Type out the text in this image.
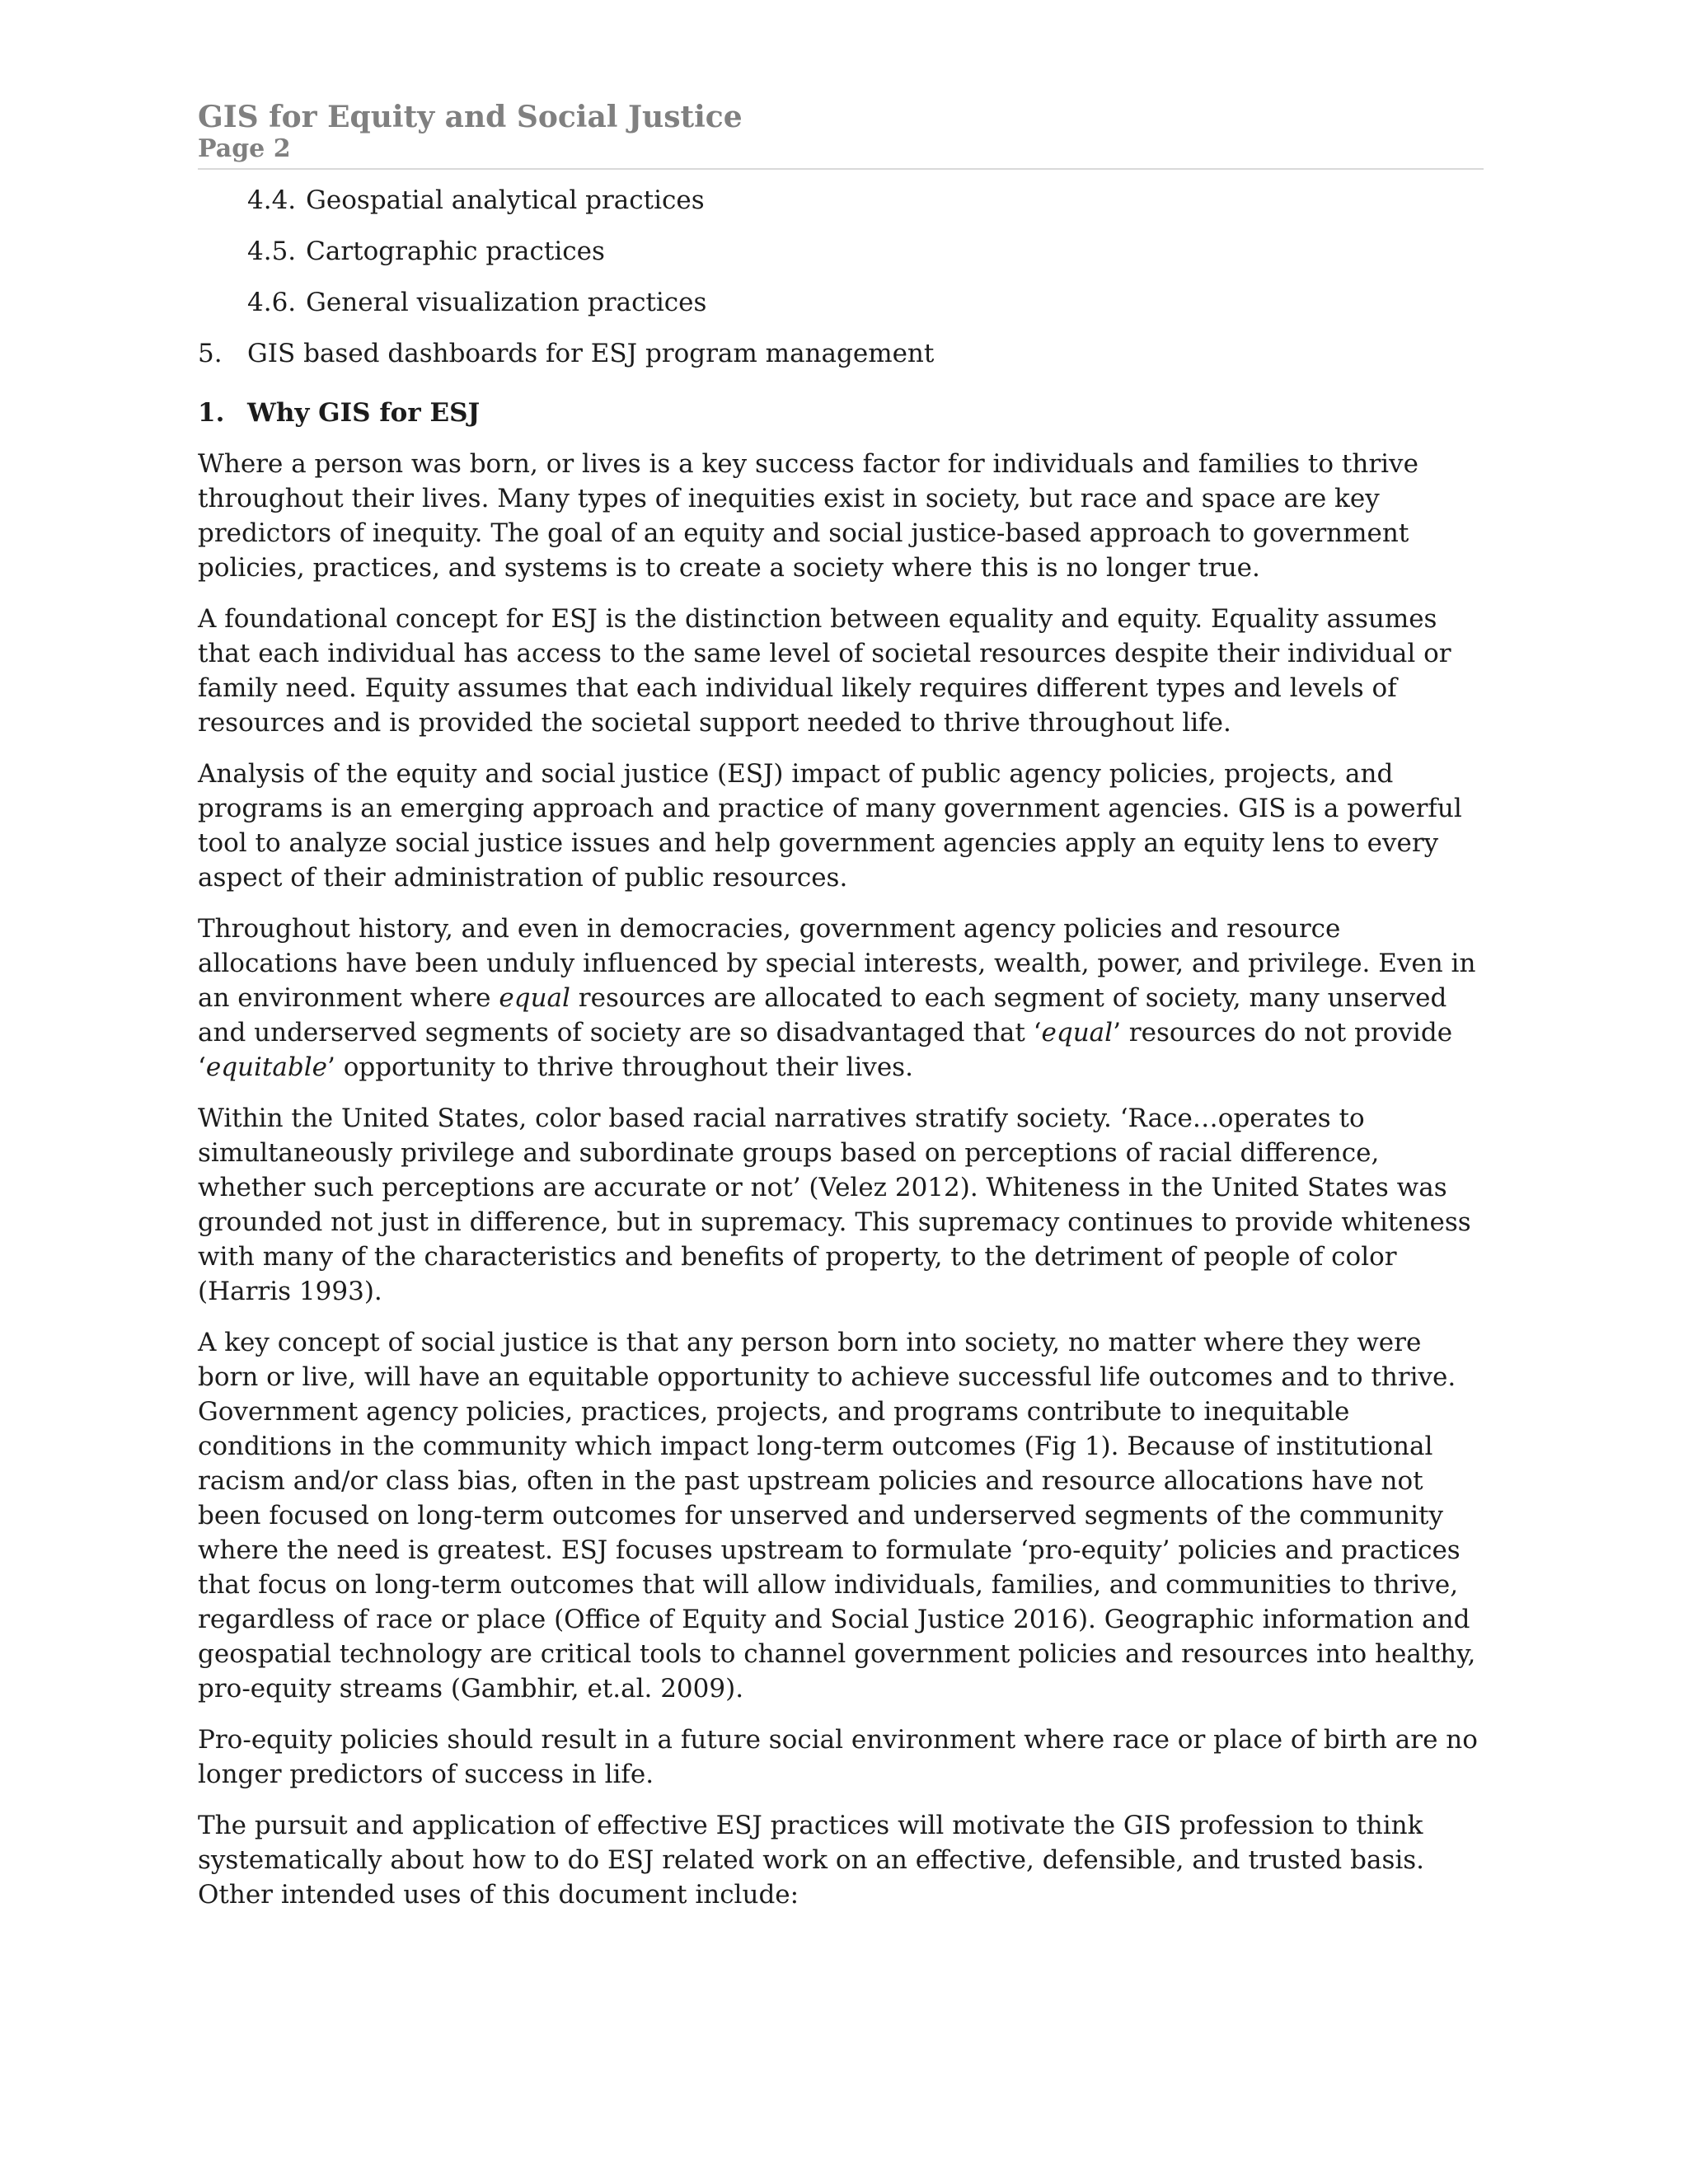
GIS for Equity and Social Justice
Page 2
4.4. Geospatial analytical practices
4.5. Cartographic practices
4.6. General visualization practices
5. GIS based dashboards for ESJ program management
1. Why GIS for ESJ

Where a person was born, or lives is a key success factor for individuals and families to thrive throughout their lives. Many types of inequities exist in society, but race and space are key predictors of inequity. The goal of an equity and social justice-based approach to government policies, practices, and systems is to create a society where this is no longer true.

A foundational concept for ESJ is the distinction between equality and equity. Equality assumes that each individual has access to the same level of societal resources despite their individual or family need. Equity assumes that each individual likely requires different types and levels of resources and is provided the societal support needed to thrive throughout life.

Analysis of the equity and social justice (ESJ) impact of public agency policies, projects, and programs is an emerging approach and practice of many government agencies. GIS is a powerful tool to analyze social justice issues and help government agencies apply an equity lens to every aspect of their administration of public resources.

Throughout history, and even in democracies, government agency policies and resource allocations have been unduly influenced by special interests, wealth, power, and privilege. Even in an environment where equal resources are allocated to each segment of society, many unserved and underserved segments of society are so disadvantaged that ‘equal’ resources do not provide ‘equitable’ opportunity to thrive throughout their lives.

Within the United States, color based racial narratives stratify society. ‘Race…operates to simultaneously privilege and subordinate groups based on perceptions of racial difference, whether such perceptions are accurate or not’ (Velez 2012). Whiteness in the United States was grounded not just in difference, but in supremacy. This supremacy continues to provide whiteness with many of the characteristics and benefits of property, to the detriment of people of color (Harris 1993).

A key concept of social justice is that any person born into society, no matter where they were born or live, will have an equitable opportunity to achieve successful life outcomes and to thrive. Government agency policies, practices, projects, and programs contribute to inequitable conditions in the community which impact long-term outcomes (Fig 1). Because of institutional racism and/or class bias, often in the past upstream policies and resource allocations have not been focused on long-term outcomes for unserved and underserved segments of the community where the need is greatest. ESJ focuses upstream to formulate ‘pro-equity’ policies and practices that focus on long-term outcomes that will allow individuals, families, and communities to thrive, regardless of race or place (Office of Equity and Social Justice 2016). Geographic information and geospatial technology are critical tools to channel government policies and resources into healthy, pro-equity streams (Gambhir, et.al. 2009).

Pro-equity policies should result in a future social environment where race or place of birth are no longer predictors of success in life.

The pursuit and application of effective ESJ practices will motivate the GIS profession to think systematically about how to do ESJ related work on an effective, defensible, and trusted basis. Other intended uses of this document include:
